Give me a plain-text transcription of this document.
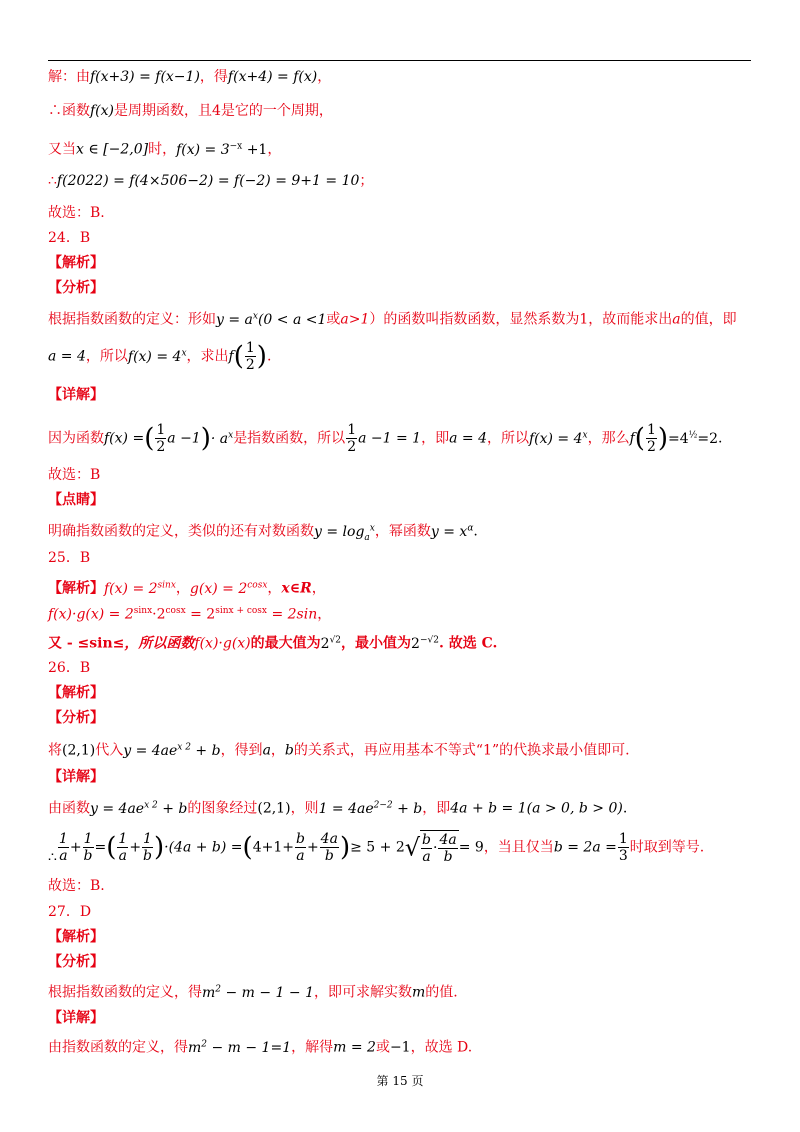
解：由f(x+3) = f(x−1)，得f(x+4) = f(x)，
∴函数f(x)是周期函数，且4是它的一个周期，
又当x ∈ [−2,0]时，$f(x) = 3^{-x} +1$，
∴f(2022) = f(4×506−2) = f(−2) = 9+1 = 10；
故选：B.
24．B
【解析】
【分析】
根据指数函数的定义：形如$y = a^x(0 < a <1$或a>1）的函数叫指数函数，显然系数为1，故而能求出a的值，即
a = 4，所以$f(x) = 4^x$，求出$f( \frac{1}{2}$ ).
【详解】
因为函数f(x) =( $\frac{1}{2}$ $a -1)\cdot a^x$是指数函数，所以 $\frac{1}{2}$ a −1 = 1，即a = 4，所以$f(x) = 4^x$，那么$f( \frac{1}{2} )=4^{\frac{1}{2}}=2$.
故选：B
【点睛】
明确指数函数的定义，类似的还有对数函数$y = \log_a^x$，幂函数$y = x^\alpha$.
25．B
【解析】$f(x) = 2^{sinx}$，$g(x) = 2^{cosx}$，x∈R，
$f(x)\cdot g(x) = 2^{sinx}\cdot 2^{cosx} = 2^{sinx + cosx} = 2\sin$，
又 - ≤sin≤，所以函数f(x)·g(x)的最大值为$2^{√2}$，最小值为$2^{-√2}$. 故选 C.
26．B
【解析】
【分析】
将(2,1)代入$y = 4ae^{x 2} + b$，得到a，b的关系式，再应用基本不等式“1”的代换求最小值即可.
【详解】
由函数$y = 4ae^{x 2} + b$的图象经过(2,1)，则$1 = 4ae^{2-2} + b$，即4a + b = 1(a > 0, b > 0).
∴ $\frac{1}{a} + \frac{1}{b}$ =( $\frac{1}{a} + \frac{1}{b} )\cdot(4a + b) =(4+1+ \frac{b}{a} + \frac{4a}{b}$ )≥ $5 + 2√ \frac{b}{a} \cdot \frac{4a}{b} = 9$，当且仅当$b = 2a = \frac{1}{3}$ 时取到等号.
故选：B.
27．D
【解析】
【分析】
根据指数函数的定义，得$m^2 - m - 1 - 1$，即可求解实数m的值.
【详解】
由指数函数的定义，得$m^2 - m - 1=1$，解得m = 2或−1，故选 D.
第 15 页
